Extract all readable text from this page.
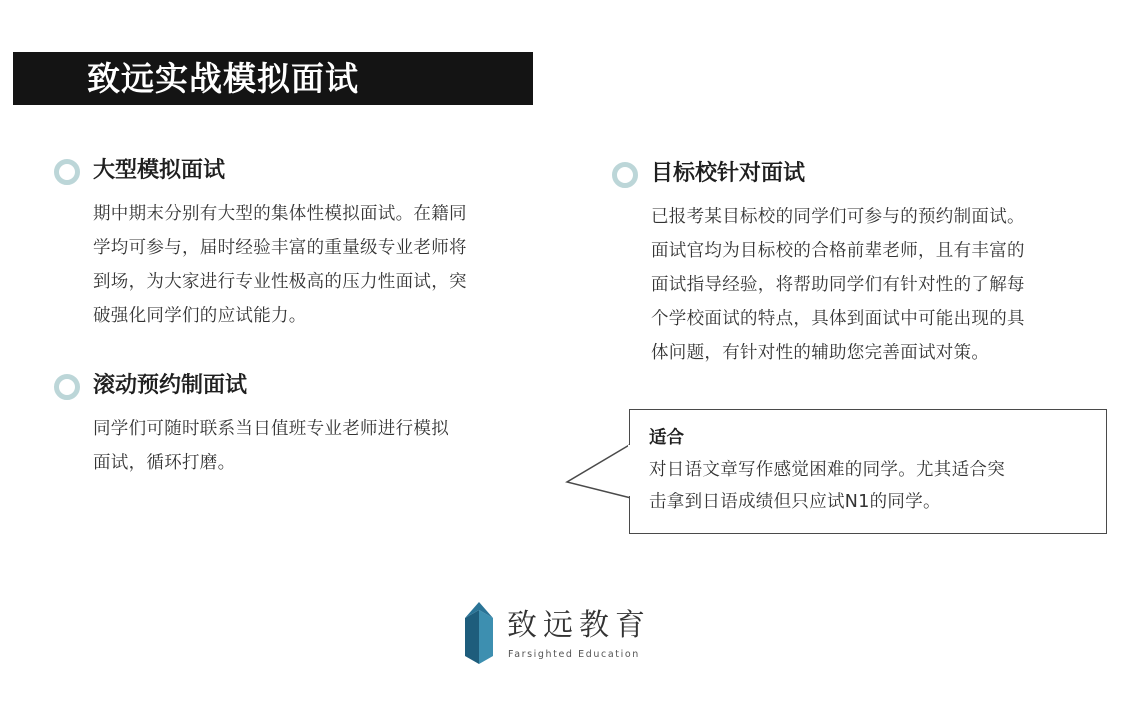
致远实战模拟面试
大型模拟面试
期中期末分别有大型的集体性模拟面试。在籍同
学均可参与，届时经验丰富的重量级专业老师将
到场，为大家进行专业性极高的压力性面试，突
破强化同学们的应试能力。
滚动预约制面试
同学们可随时联系当日值班专业老师进行模拟
面试，循环打磨。
目标校针对面试
已报考某目标校的同学们可参与的预约制面试。
面试官均为目标校的合格前辈老师，且有丰富的
面试指导经验，将帮助同学们有针对性的了解每
个学校面试的特点，具体到面试中可能出现的具
体问题，有针对性的辅助您完善面试对策。
适合
对日语文章写作感觉困难的同学。尤其适合突
击拿到日语成绩但只应试N1的同学。
致远教育
Farsighted Education
